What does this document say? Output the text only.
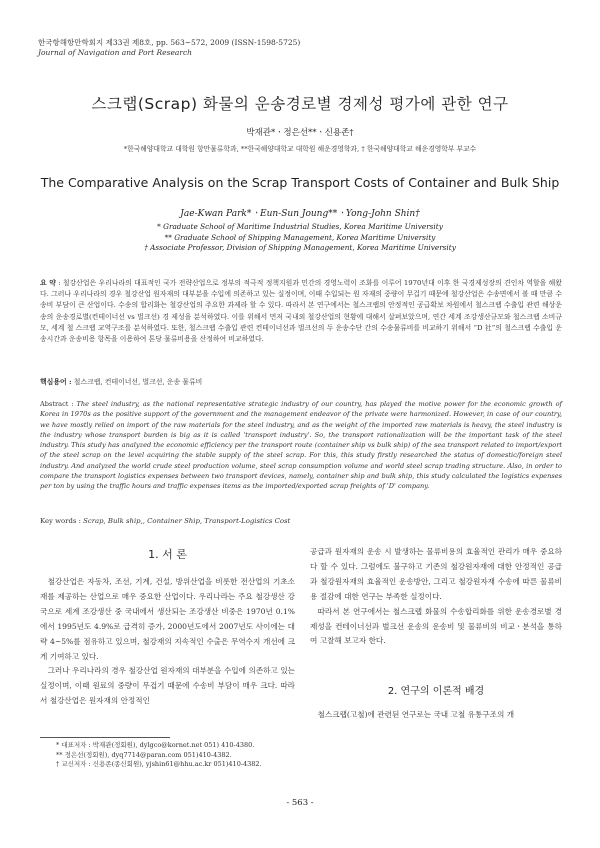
한국항해항만학회지 제33권 제8호, pp. 563~572, 2009 (ISSN-1598-5725)
Journal of Navigation and Port Research
스크랩(Scrap) 화물의 운송경로별 경제성 평가에 관한 연구
박재관*ㆍ정은선**ㆍ신용존†
*한국해양대학교 대학원 항만물류학과, **한국해양대학교 대학원 해운경영학과, † 한국해양대학교 해운경영학부 부교수
The Comparative Analysis on the Scrap Transport Costs of Container and Bulk Ship
Jae-Kwan Park*ㆍEun-Sun Joung**ㆍYong-John Shin†
* Graduate School of Maritime Industrial Studies, Korea Maritime University
** Graduate School of Shipping Management, Korea Maritime University
† Associate Professor, Division of Shipping Management, Korea Maritime University
요 약 : 철강산업은 우리나라의 대표적인 국가 전략산업으로 정부의 적극적 정책지원과 민간의 경영노력이 조화를 이루어 1970년대 이후 한 국경제성장의 견인차 역할을 해왔다. 그러나 우리나라의 경우 철강산업 원자재의 대부분을 수입에 의존하고 있는 실정이며, 이때 수입되는 원 자재의 중량이 무겁기 때문에 철강산업은 수송면에서 볼 때 만큼 수송비 부담이 큰 산업이다. 수송의 합리화는 철강산업의 주요한 과제라 할 수 있다. 따라서 본 연구에서는 철스크랩의 안정적인 공급확보 차원에서 철스크랩 수출입 관련 해상운송의 운송경로별(컨테이너선 vs 벌크선) 경 제성을 분석하였다. 이를 위해서 먼저 국내외 철강산업의 현황에 대해서 살펴보았으며, 연간 세계 조강생산규모와 철스크랩 소비규모, 세계 철 스크랩 교역구조를 분석하였다. 또한, 철스크랩 수출입 관련 컨테이너선과 벌크선의 두 운송수단 간의 수송물류비를 비교하기 위해서 “D 社”의 철스크랩 수출입 운송시간과 운송비용 항목을 이용하여 톤당 물류비용을 산정하여 비교하였다.
핵심용어 : 철스크랩, 컨테이너선, 벌크선, 운송 물류비
Abstract : The steel industry, as the national representative strategic industry of our country, has played the motive power for the economic growth of Korea in 1970s as the positive support of the government and the management endeavor of the private were harmonized. However, in case of our country, we have mostly relied on import of the raw materials for the steel industry, and as the weight of the imported raw materials is heavy, the steel industry is the industry whose transport burden is big as it is called 'transport industry'. So, the transport rationalization will be the important task of the steel industry. This study has analyzed the economic efficiency per the transport route (container ship vs bulk ship) of the sea transport related to import/export of the steel scrap on the level acquiring the stable supply of the steel scrap. For this, this study firstly researched the status of domestic/foreign steel industry. And analyzed the world crude steel production volume, steel scrap consumption volume and world steel scrap trading structure. Also, in order to compare the transport logistics expenses between two transport devices, namely, container ship and bulk ship, this study calculated the logistics expenses per ton by using the traffic hours and traffic expenses items as the imported/exported scrap freights of 'D' company.
Key words : Scrap, Bulk ship,, Container Ship, Transport-Logistics Cost
1. 서 론

철강산업은 자동차, 조선, 기계, 건설, 방위산업을 비롯한 전산업의 기초소재를 제공하는 산업으로 매우 중요한 산업이다. 우리나라는 주요 철강생산 강국으로 세계 조강생산 중 국내에서 생산되는 조강생산 비중은 1970년 0.1%에서 1995년도 4.9%로 급격히 증가, 2000년도에서 2007년도 사이에는 대략 4~5%를 점유하고 있으며, 철강재의 지속적인 수출은 무역수지 개선에 크게 기여하고 있다.

그러나 우리나라의 경우 철강산업 원자재의 대부분을 수입에 의존하고 있는 실정이며, 이때 원료의 중량이 무겁기 때문에 수송비 부담이 매우 크다. 따라서 철강산업은 원자재의 안정적인

공급과 원자재의 운송 시 발생하는 물류비용의 효율적인 관리가 매우 중요하다 할 수 있다. 그럼에도 불구하고 기존의 철강원자재에 대한 안정적인 공급과 철강원자재의 효율적인 운송방안, 그리고 철강원자재 수송에 따른 물류비용 절감에 대한 연구는 부족한 실정이다.

따라서 본 연구에서는 철스크랩 화물의 수송합리화를 위한 운송경로별 경제성을 컨테이너선과 벌크선 운송의 운송비 및 물류비의 비교ㆍ분석을 통하여 고찰해 보고자 한다.

2. 연구의 이론적 배경

철스크랩(고철)에 관련된 연구로는 국내 고철 유통구조의 개

* 대표저자 : 박재관(정회원), dylgco@kornet.net 051) 410-4380.
** 정은선(정회원), dyq7714@paran.com 051)410-4382.
† 교신저자 : 신용존(종신회원), yjshin61@hhu.ac.kr 051)410-4382.
- 563 -
